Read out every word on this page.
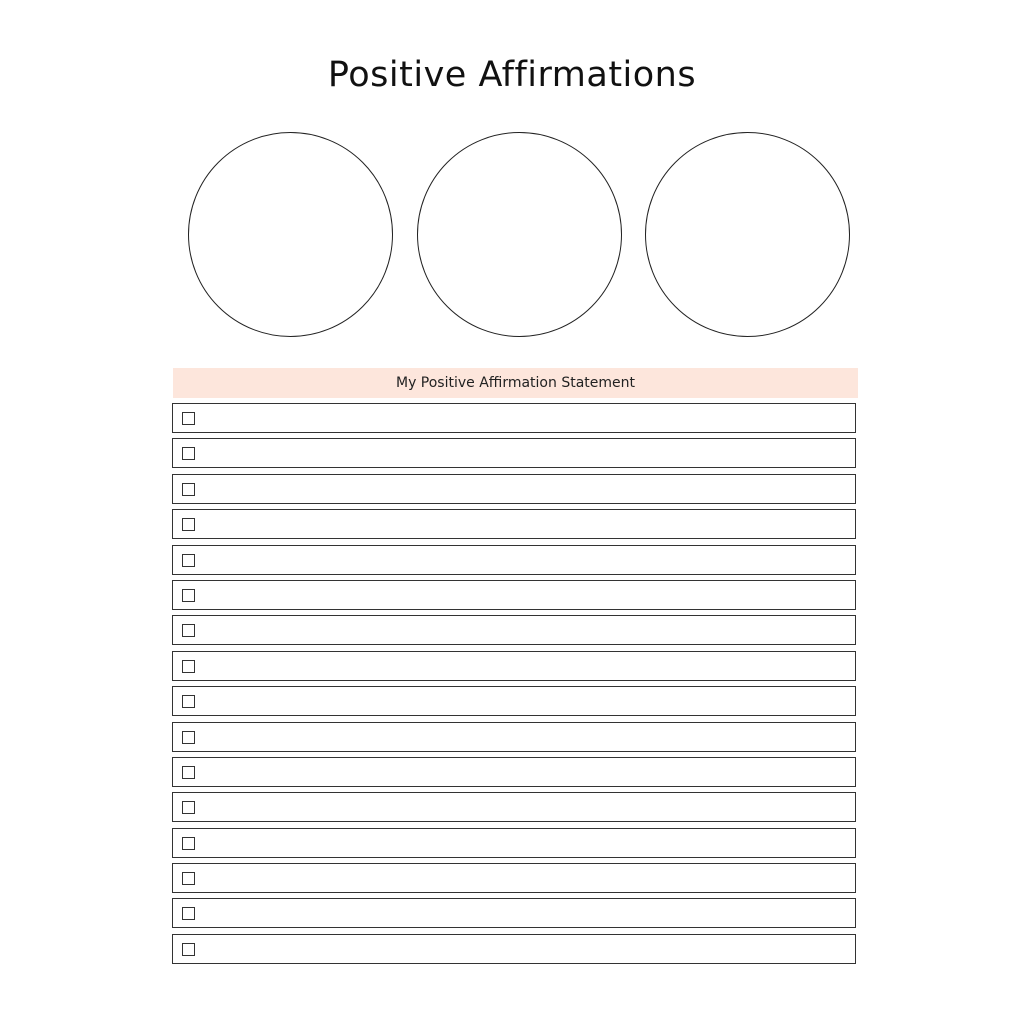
Positive Affirmations
My Positive Affirmation Statement
